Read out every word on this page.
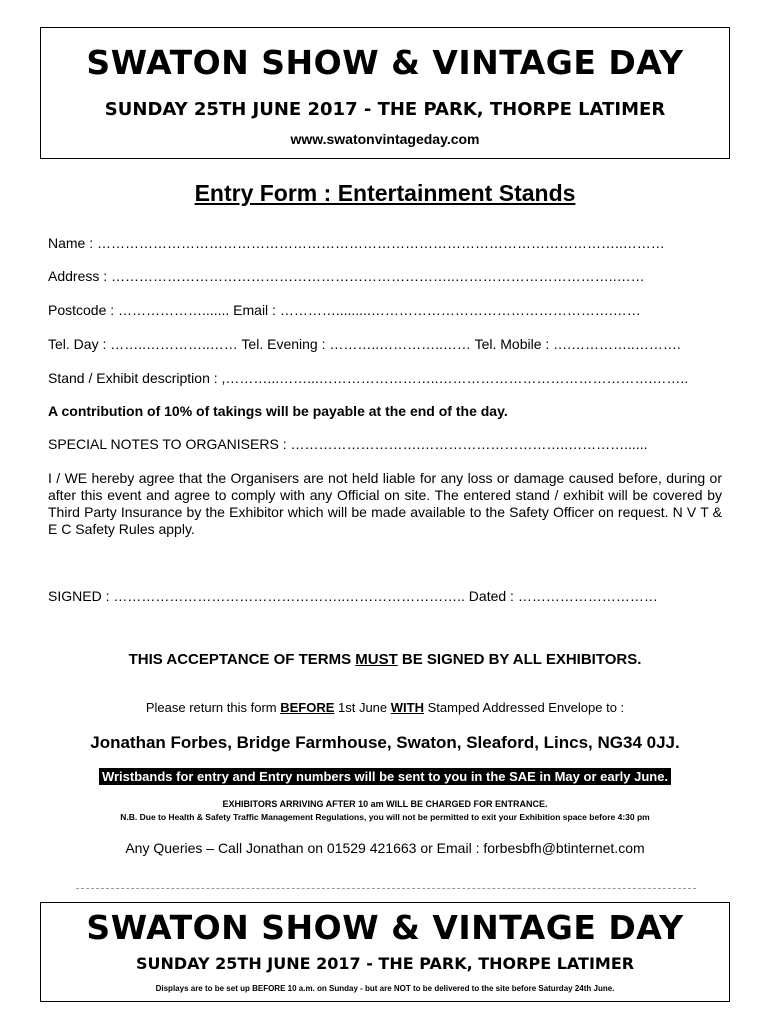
SWATON SHOW & VINTAGE DAY
SUNDAY 25TH JUNE 2017 - THE PARK, THORPE LATIMER
www.swatonvintageday.com
Entry Form : Entertainment Stands
Name : …………………………………………………………………………………………………..………
Address : ………………………………………………………………..……………………………..……
Postcode : ………………....... Email : ………….........…………………………………………….……
Tel. Day : ……..…………..…… Tel. Evening : ………..…………..…… Tel. Mobile : ….…………..……….
Stand / Exhibit description : ,………...……...……………………..……………………………………….……..
A contribution of 10% of takings will be payable at the end of the day.
SPECIAL NOTES TO ORGANISERS : ……………………….…………………………..…………......
I / WE hereby agree that the Organisers are not held liable for any loss or damage caused before, during or after this event and agree to comply with any Official on site. The entered stand / exhibit will be covered by Third Party Insurance by the Exhibitor which will be made available to the Safety Officer on request. N V T & E C Safety Rules apply.
SIGNED : …………………………………………..…………………….. Dated : …………………………
THIS ACCEPTANCE OF TERMS MUST BE SIGNED BY ALL EXHIBITORS.
Please return this form BEFORE 1st June WITH Stamped Addressed Envelope to :
Jonathan Forbes, Bridge Farmhouse, Swaton, Sleaford, Lincs, NG34 0JJ.
Wristbands for entry and Entry numbers will be sent to you in the SAE in May or early June.
EXHIBITORS ARRIVING AFTER 10 am WILL BE CHARGED FOR ENTRANCE.
N.B. Due to Health & Safety Traffic Management Regulations, you will not be permitted to exit your Exhibition space before 4:30 pm
Any Queries – Call Jonathan on 01529 421663 or Email : forbesbfh@btinternet.com
SWATON SHOW & VINTAGE DAY
SUNDAY 25TH JUNE 2017 - THE PARK, THORPE LATIMER
Displays are to be set up BEFORE 10 a.m. on Sunday - but are NOT to be delivered to the site before Saturday 24th June.
